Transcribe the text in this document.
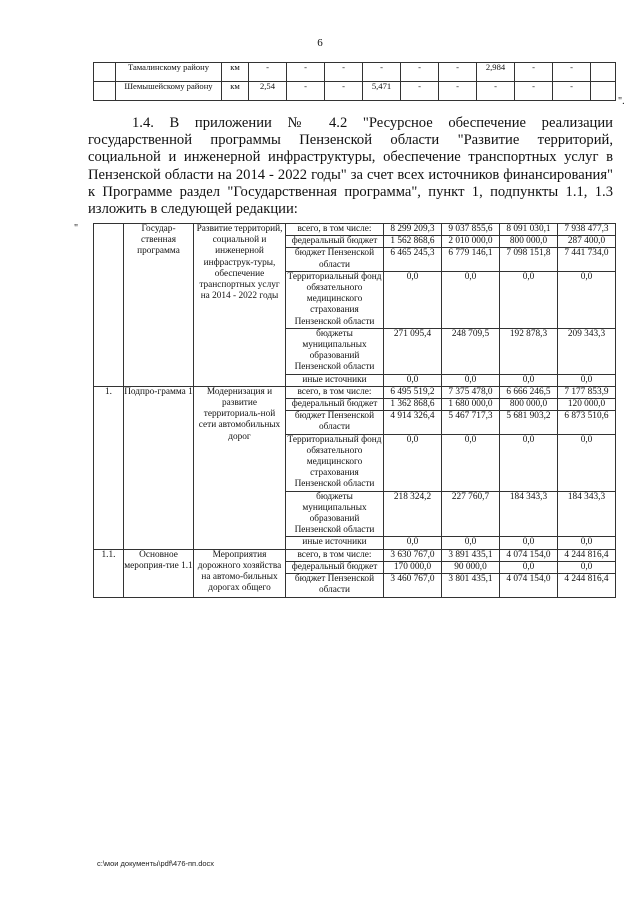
6
	Тамалинскому району	км	-	-	-	-	-	-	2,984	-	-	
	Шемышейскому району	км	2,54	-	-	5,471	-	-	-	-	-	
".
1.4. В приложении № 4.2 "Ресурсное обеспечение реализации государственной программы Пензенской области "Развитие территорий, социальной и инженерной инфраструктуры, обеспечение транспортных услуг в Пензенской области на 2014 - 2022 годы" за счет всех источников финансирования" к Программе раздел "Государственная программа", пункт 1, подпункты 1.1, 1.3 изложить в следующей редакции:
"
		Государ-ственная программа	Развитие территорий, социальной и инженерной инфраструк-туры, обеспечение транспортных услуг на 2014 - 2022 годы	всего, в том числе:	8 299 209,3	9 037 855,6	8 091 030,1	7 938 477,3
			федеральный бюджет	1 562 868,6	2 010 000,0	800 000,0	287 400,0
			бюджет Пензенской области	6 465 245,3	6 779 146,1	7 098 151,8	7 441 734,0
			Территориальный фонд обязательного медицинского страхования Пензенской области	0,0	0,0	0,0	0,0
			бюджеты муниципальных образований Пензенской области	271 095,4	248 709,5	192 878,3	209 343,3
			иные источники	0,0	0,0	0,0	0,0
1.	Подпро-грамма 1	Модернизация и развитие территориаль-ной сети автомобильных дорог	всего, в том числе:	6 495 519,2	7 375 478,0	6 666 246,5	7 177 853,9
			федеральный бюджет	1 362 868,6	1 680 000,0	800 000,0	120 000,0
			бюджет Пензенской области	4 914 326,4	5 467 717,3	5 681 903,2	6 873 510,6
			Территориальный фонд обязательного медицинского страхования Пензенской области	0,0	0,0	0,0	0,0
			бюджеты муниципальных образований Пензенской области	218 324,2	227 760,7	184 343,3	184 343,3
			иные источники	0,0	0,0	0,0	0,0
1.1.	Основное мероприя-тие 1.1	Мероприятия дорожного хозяйства на автомо-бильных дорогах общего	всего, в том числе:	3 630 767,0	3 891 435,1	4 074 154,0	4 244 816,4
			федеральный бюджет	170 000,0	90 000,0	0,0	0,0
			бюджет Пензенской области	3 460 767,0	3 801 435,1	4 074 154,0	4 244 816,4
c:\мои документы\pdf\476-пп.docx
